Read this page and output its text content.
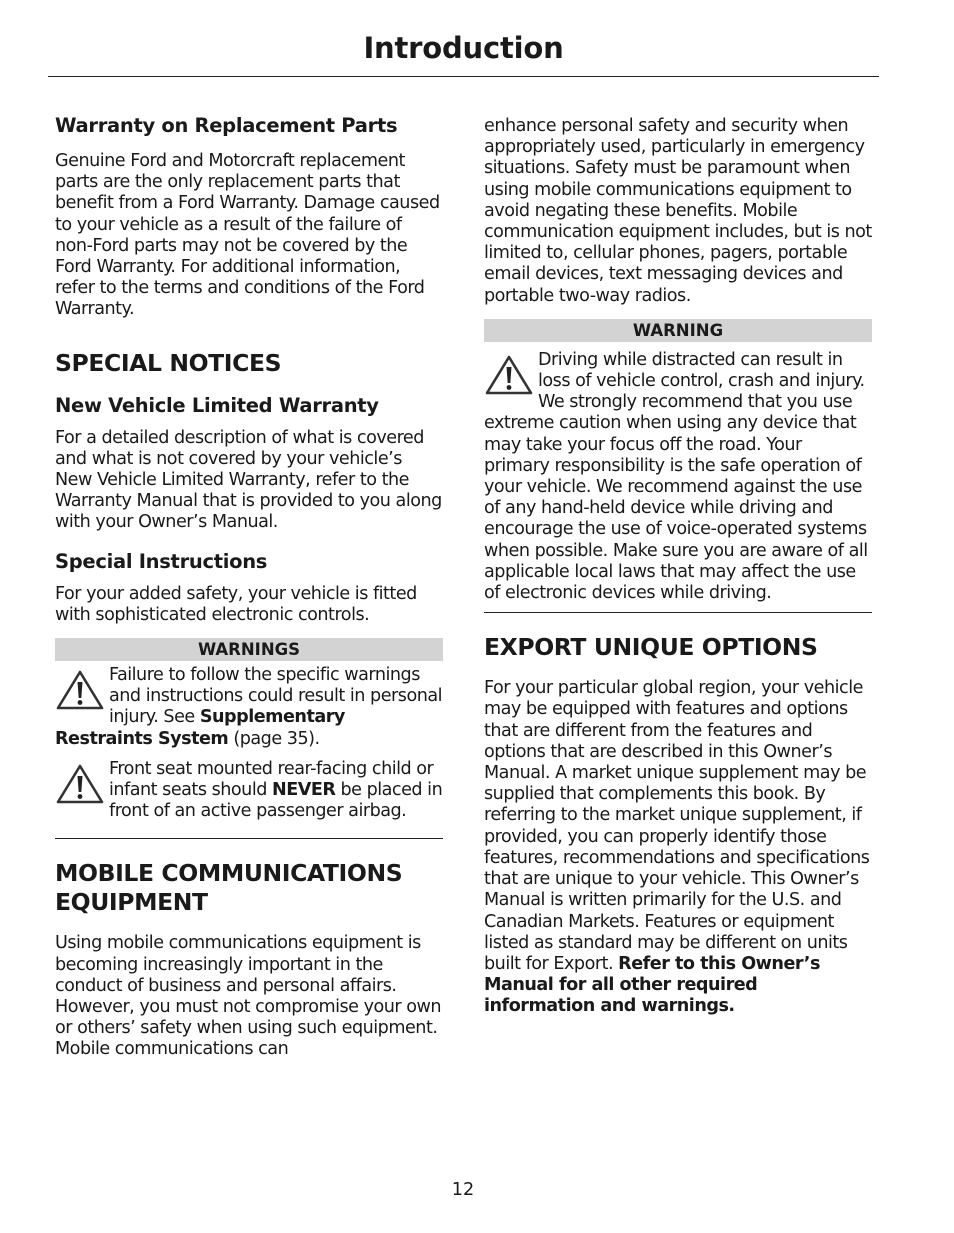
Introduction
Warranty on Replacement Parts

Genuine Ford and Motorcraft replacement parts are the only replacement parts that benefit from a Ford Warranty. Damage caused to your vehicle as a result of the failure of non-Ford parts may not be covered by the Ford Warranty. For additional information, refer to the terms and conditions of the Ford Warranty.

SPECIAL NOTICES
New Vehicle Limited Warranty

For a detailed description of what is covered and what is not covered by your vehicle’s New Vehicle Limited Warranty, refer to the Warranty Manual that is provided to you along with your Owner’s Manual.

Special Instructions

For your added safety, your vehicle is fitted with sophisticated electronic controls.

WARNINGS

Failure to follow the specific warnings and instructions could result in personal injury. See Supplementary Restraints System (page 35).

Front seat mounted rear-facing child or infant seats should NEVER be placed in front of an active passenger airbag.

MOBILE COMMUNICATIONS EQUIPMENT

Using mobile communications equipment is becoming increasingly important in the conduct of business and personal affairs. However, you must not compromise your own or others’ safety when using such equipment. Mobile communications can

enhance personal safety and security when appropriately used, particularly in emergency situations. Safety must be paramount when using mobile communications equipment to avoid negating these benefits. Mobile communication equipment includes, but is not limited to, cellular phones, pagers, portable email devices, text messaging devices and portable two-way radios.

WARNING

Driving while distracted can result in loss of vehicle control, crash and injury. We strongly recommend that you use extreme caution when using any device that may take your focus off the road. Your primary responsibility is the safe operation of your vehicle. We recommend against the use of any hand-held device while driving and encourage the use of voice-operated systems when possible. Make sure you are aware of all applicable local laws that may affect the use of electronic devices while driving.

EXPORT UNIQUE OPTIONS

For your particular global region, your vehicle may be equipped with features and options that are different from the features and options that are described in this Owner’s Manual. A market unique supplement may be supplied that complements this book. By referring to the market unique supplement, if provided, you can properly identify those features, recommendations and specifications that are unique to your vehicle. This Owner’s Manual is written primarily for the U.S. and Canadian Markets. Features or equipment listed as standard may be different on units built for Export. Refer to this Owner’s Manual for all other required information and warnings.

12
